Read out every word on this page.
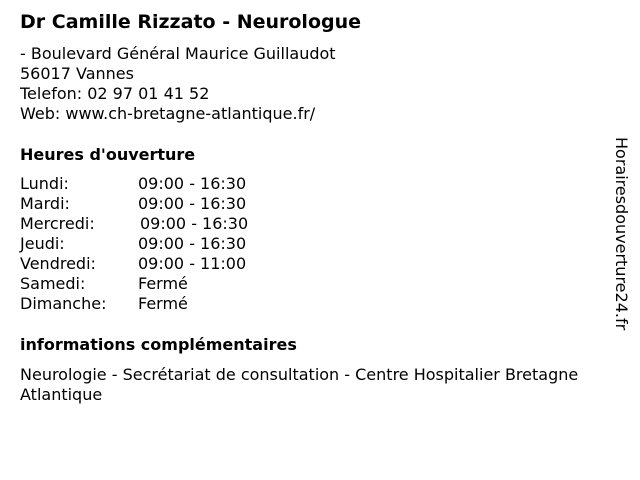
Dr Camille Rizzato - Neurologue
- Boulevard Général Maurice Guillaudot
56017 Vannes
Telefon: 02 97 01 41 52
Web: www.ch-bretagne-atlantique.fr/
Heures d'ouverture
Lundi:	09:00 - 16:30
Mardi:	09:00 - 16:30
Mercredi:	09:00 - 16:30
Jeudi:	09:00 - 16:30
Vendredi:	09:00 - 11:00
Samedi:	Fermé
Dimanche:	Fermé
informations complémentaires
Neurologie - Secrétariat de consultation - Centre Hospitalier Bretagne Atlantique
Horairesdouverture24.fr
